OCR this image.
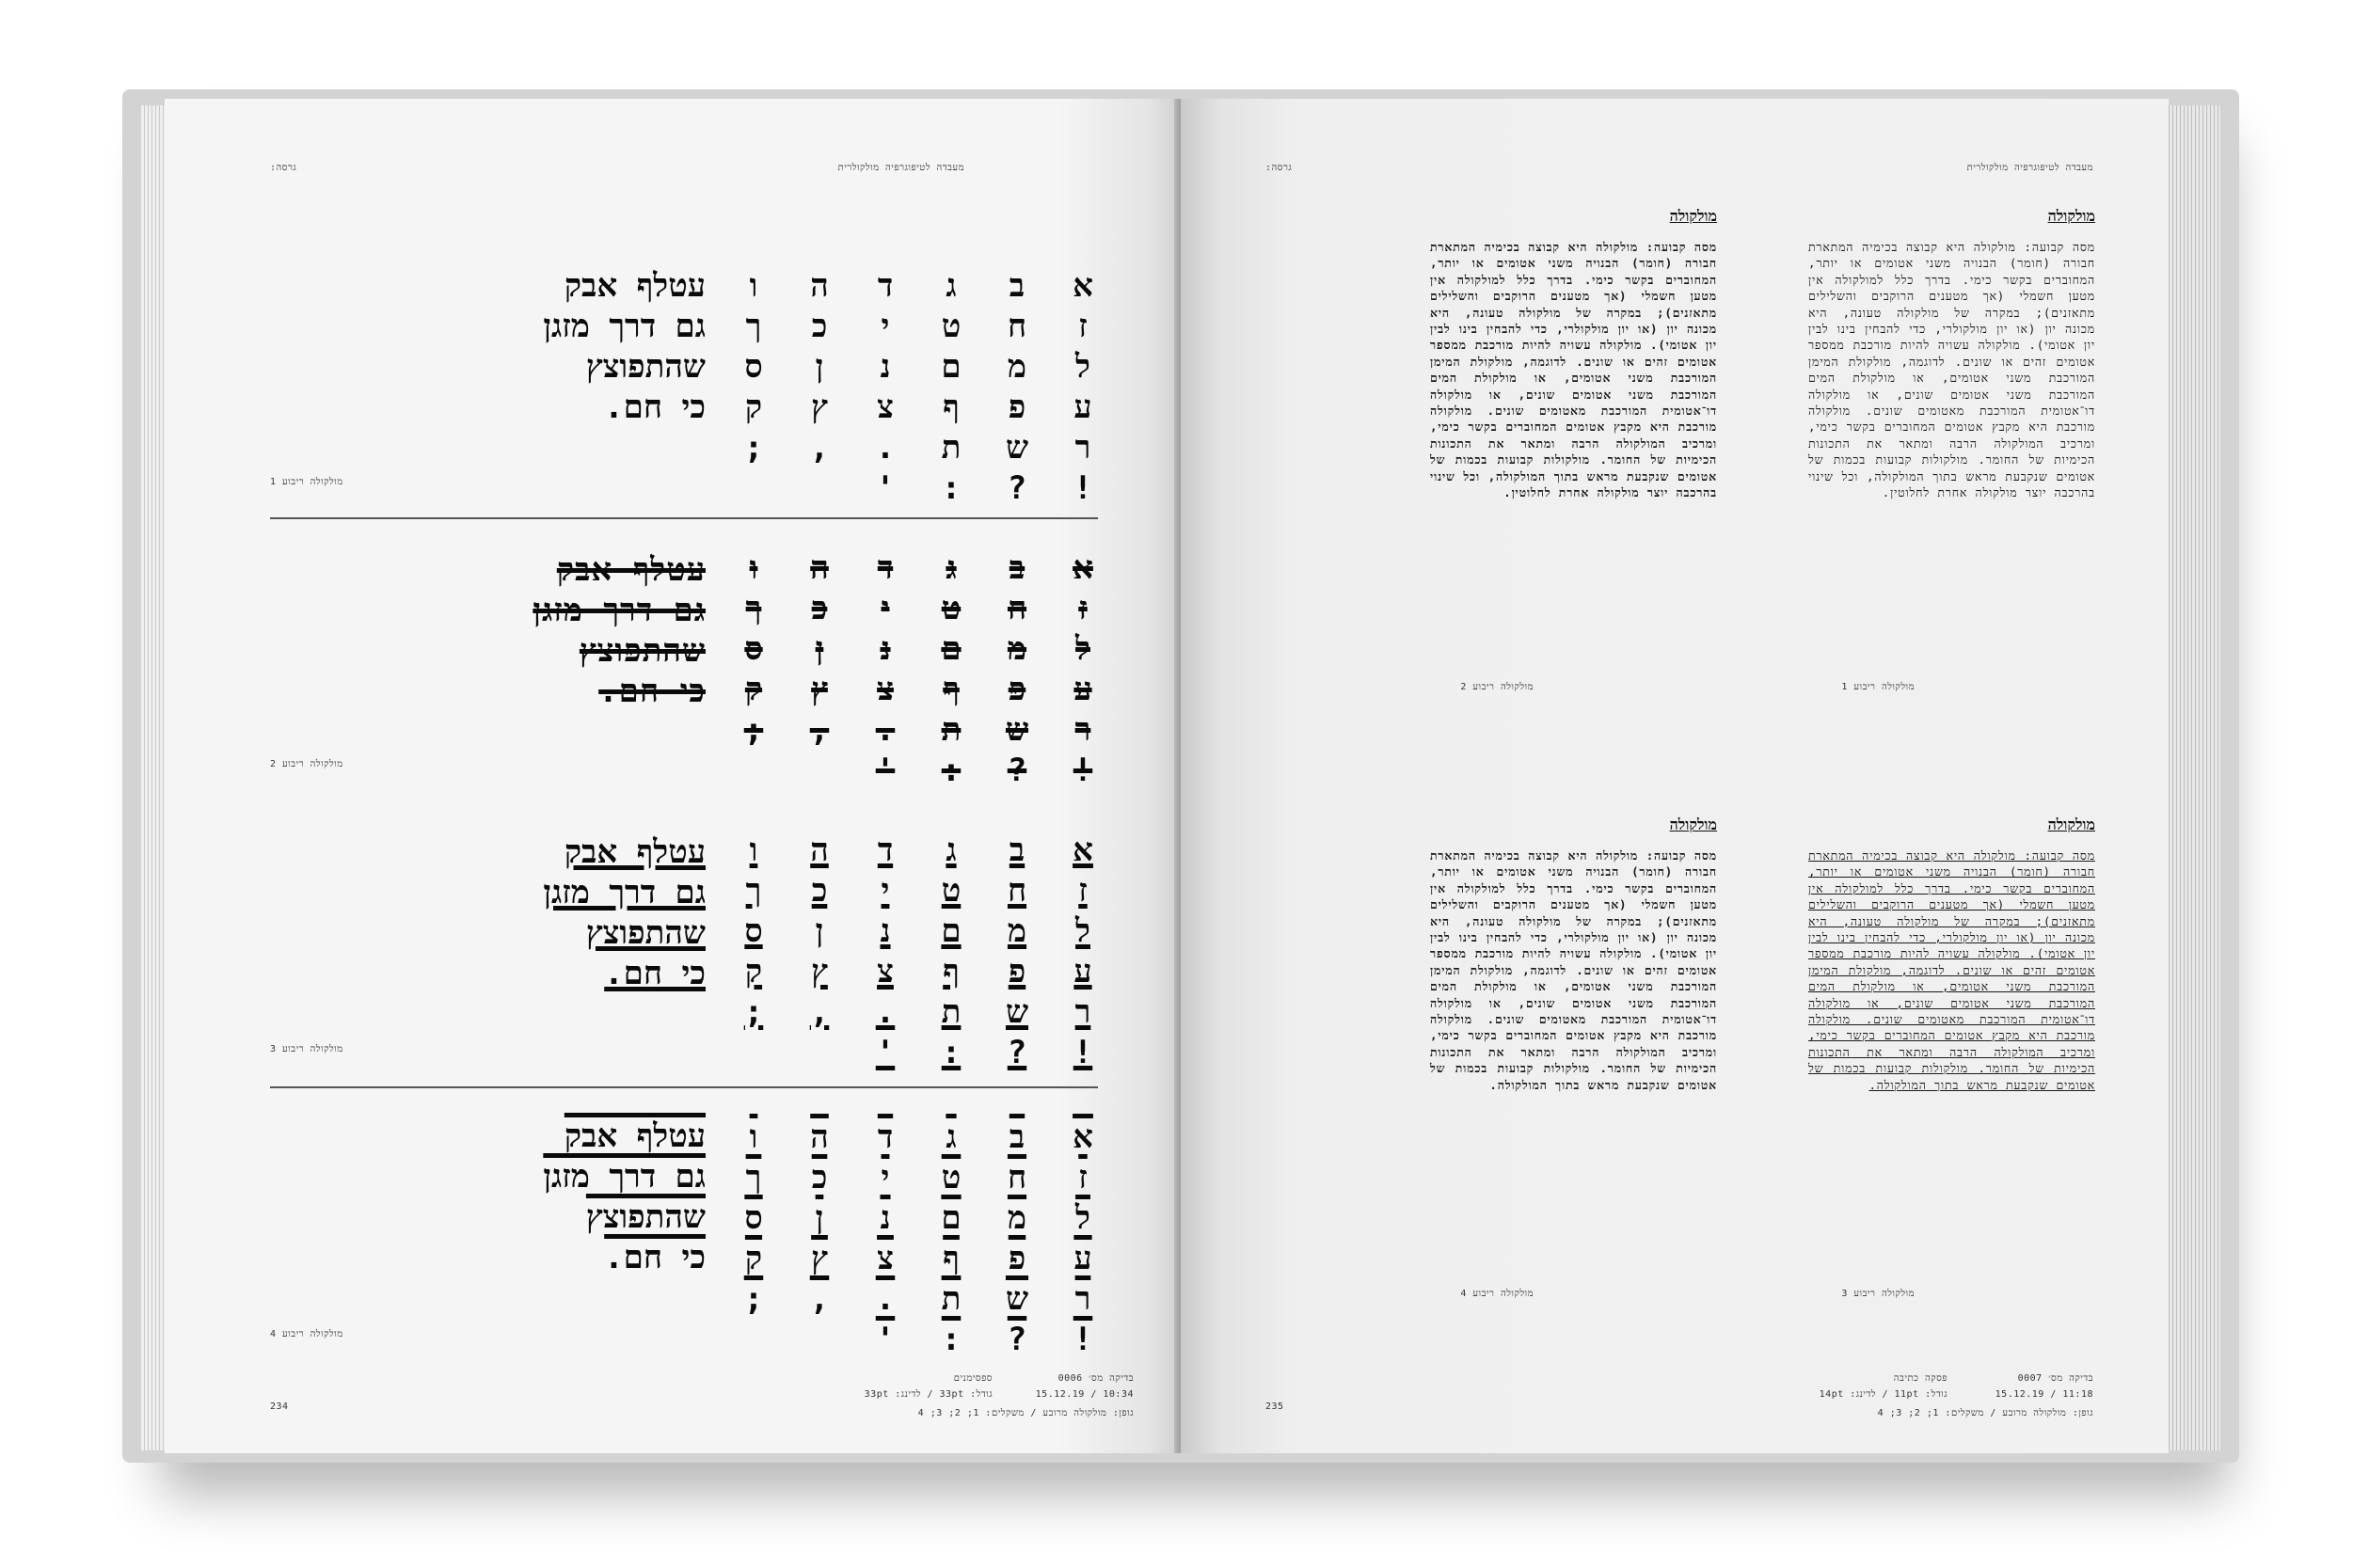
מעבדה לטיפוגרפיה מולקולרית
גרסה:
א
ב
ג
ד
ה
ו
ז
ח
ט
י
כ
ך
ל
מ
ם
נ
ן
ס
ע
פ
ף
צ
ץ
ק
ר
ש
ת
.
,
;
!
?
:
'
עטלף אבק
גם דרך מזגן
שהתפוצץ
כי חם.
מולקולה ריבוע 1
א
ב
ג
ד
ה
ו
ז
ח
ט
י
כ
ך
ל
מ
ם
נ
ן
ס
ע
פ
ף
צ
ץ
ק
ר
ש
ת
.
,
;
!
?
:
'
עטלף אבק
גם דרך מזגן
שהתפוצץ
כי חם.
מולקולה ריבוע 2
א
ב
ג
ד
ה
ו
ז
ח
ט
י
כ
ך
ל
מ
ם
נ
ן
ס
ע
פ
ף
צ
ץ
ק
ר
ש
ת
.
,
;
!
?
:
'
עטלף אבק
גם דרך מזגן
שהתפוצץ
כי חם.
מולקולה ריבוע 3
א
ב
ג
ד
ה
ו
ז
ח
ט
י
כ
ך
ל
מ
ם
נ
ן
ס
ע
פ
ף
צ
ץ
ק
ר
ש
ת
.
,
;
!
?
:
'
עטלף אבק
גם דרך מזגן
שהתפוצץ
כי חם.
מולקולה ריבוע 4
בדיקה מס׳ 0006
10:34 / 15.12.19
ספסימנים
גודל: 33pt / לדינג: 33pt
גופן: מולקולה מרובע / משקלים: 1; 2; 3; 4
234
מעבדה לטיפוגרפיה מולקולרית
גרסה:
מולקולה
מסה קבועה: מולקולה היא קבוצה בכימיה המתארת חבורה (חומר) הבנויה משני אטומים או יותר, המחוברים בקשר כימי. בדרך כלל למולקולה אין מטען חשמלי (אך מטענים הרוקבים והשלילים מתאזנים); במקרה של מולקולה טעונה, היא מכונה יון (או יון מולקולרי, כדי להבחין בינו לבין יון אטומי). מולקולה עשויה להיות מורכבת ממספר אטומים זהים או שונים. לדוגמה, מולקולת המימן המורכבת משני אטומים, או מולקולת המים המורכבת משני אטומים שונים, או מולקולה דו־אטומית המורכבת מאטומים שונים. מולקולה מורכבת היא מקבץ אטומים המחוברים בקשר כימי, ומרכיב המולקולה הרבה ומתאר את התכונות הכימיות של החומר. מולקולות קבועות בכמות של אטומים שנקבעת מראש בתוך המולקולה, וכל שינוי בהרכבה יוצר מולקולה אחרת לחלוטין.
מולקולה ריבוע 1
מולקולה
מסה קבועה: מולקולה היא קבוצה בכימיה המתארת חבורה (חומר) הבנויה משני אטומים או יותר, המחוברים בקשר כימי. בדרך כלל למולקולה אין מטען חשמלי (אך מטענים הרוקבים והשלילים מתאזנים); במקרה של מולקולה טעונה, היא מכונה יון (או יון מולקולרי, כדי להבחין בינו לבין יון אטומי). מולקולה עשויה להיות מורכבת ממספר אטומים זהים או שונים. לדוגמה, מולקולת המימן המורכבת משני אטומים, או מולקולת המים המורכבת משני אטומים שונים, או מולקולה דו־אטומית המורכבת מאטומים שונים. מולקולה מורכבת היא מקבץ אטומים המחוברים בקשר כימי, ומרכיב המולקולה הרבה ומתאר את התכונות הכימיות של החומר. מולקולות קבועות בכמות של אטומים שנקבעת מראש בתוך המולקולה, וכל שינוי בהרכבה יוצר מולקולה אחרת לחלוטין.
מולקולה ריבוע 2
מולקולה
מסה קבועה: מולקולה היא קבוצה בכימיה המתארת חבורה (חומר) הבנויה משני אטומים או יותר, המחוברים בקשר כימי. בדרך כלל למולקולה אין מטען חשמלי (אך מטענים הרוקבים והשלילים מתאזנים); במקרה של מולקולה טעונה, היא מכונה יון (או יון מולקולרי, כדי להבחין בינו לבין יון אטומי). מולקולה עשויה להיות מורכבת ממספר אטומים זהים או שונים. לדוגמה, מולקולת המימן המורכבת משני אטומים, או מולקולת המים המורכבת משני אטומים שונים, או מולקולה דו־אטומית המורכבת מאטומים שונים. מולקולה מורכבת היא מקבץ אטומים המחוברים בקשר כימי, ומרכיב המולקולה הרבה ומתאר את התכונות הכימיות של החומר. מולקולות קבועות בכמות של אטומים שנקבעת מראש בתוך המולקולה.
מולקולה ריבוע 3
מולקולה
מסה קבועה: מולקולה היא קבוצה בכימיה המתארת חבורה (חומר) הבנויה משני אטומים או יותר, המחוברים בקשר כימי. בדרך כלל למולקולה אין מטען חשמלי (אך מטענים הרוקבים והשלילים מתאזנים); במקרה של מולקולה טעונה, היא מכונה יון (או יון מולקולרי, כדי להבחין בינו לבין יון אטומי). מולקולה עשויה להיות מורכבת ממספר אטומים זהים או שונים. לדוגמה, מולקולת המימן המורכבת משני אטומים, או מולקולת המים המורכבת משני אטומים שונים, או מולקולה דו־אטומית המורכבת מאטומים שונים. מולקולה מורכבת היא מקבץ אטומים המחוברים בקשר כימי, ומרכיב המולקולה הרבה ומתאר את התכונות הכימיות של החומר. מולקולות קבועות בכמות של אטומים שנקבעת מראש בתוך המולקולה.
מולקולה ריבוע 4
בדיקה מס׳ 0007
11:18 / 15.12.19
פסקה כתיבה
גודל: 11pt / לדינג: 14pt
גופן: מולקולה מרובע / משקלים: 1; 2; 3; 4
235
